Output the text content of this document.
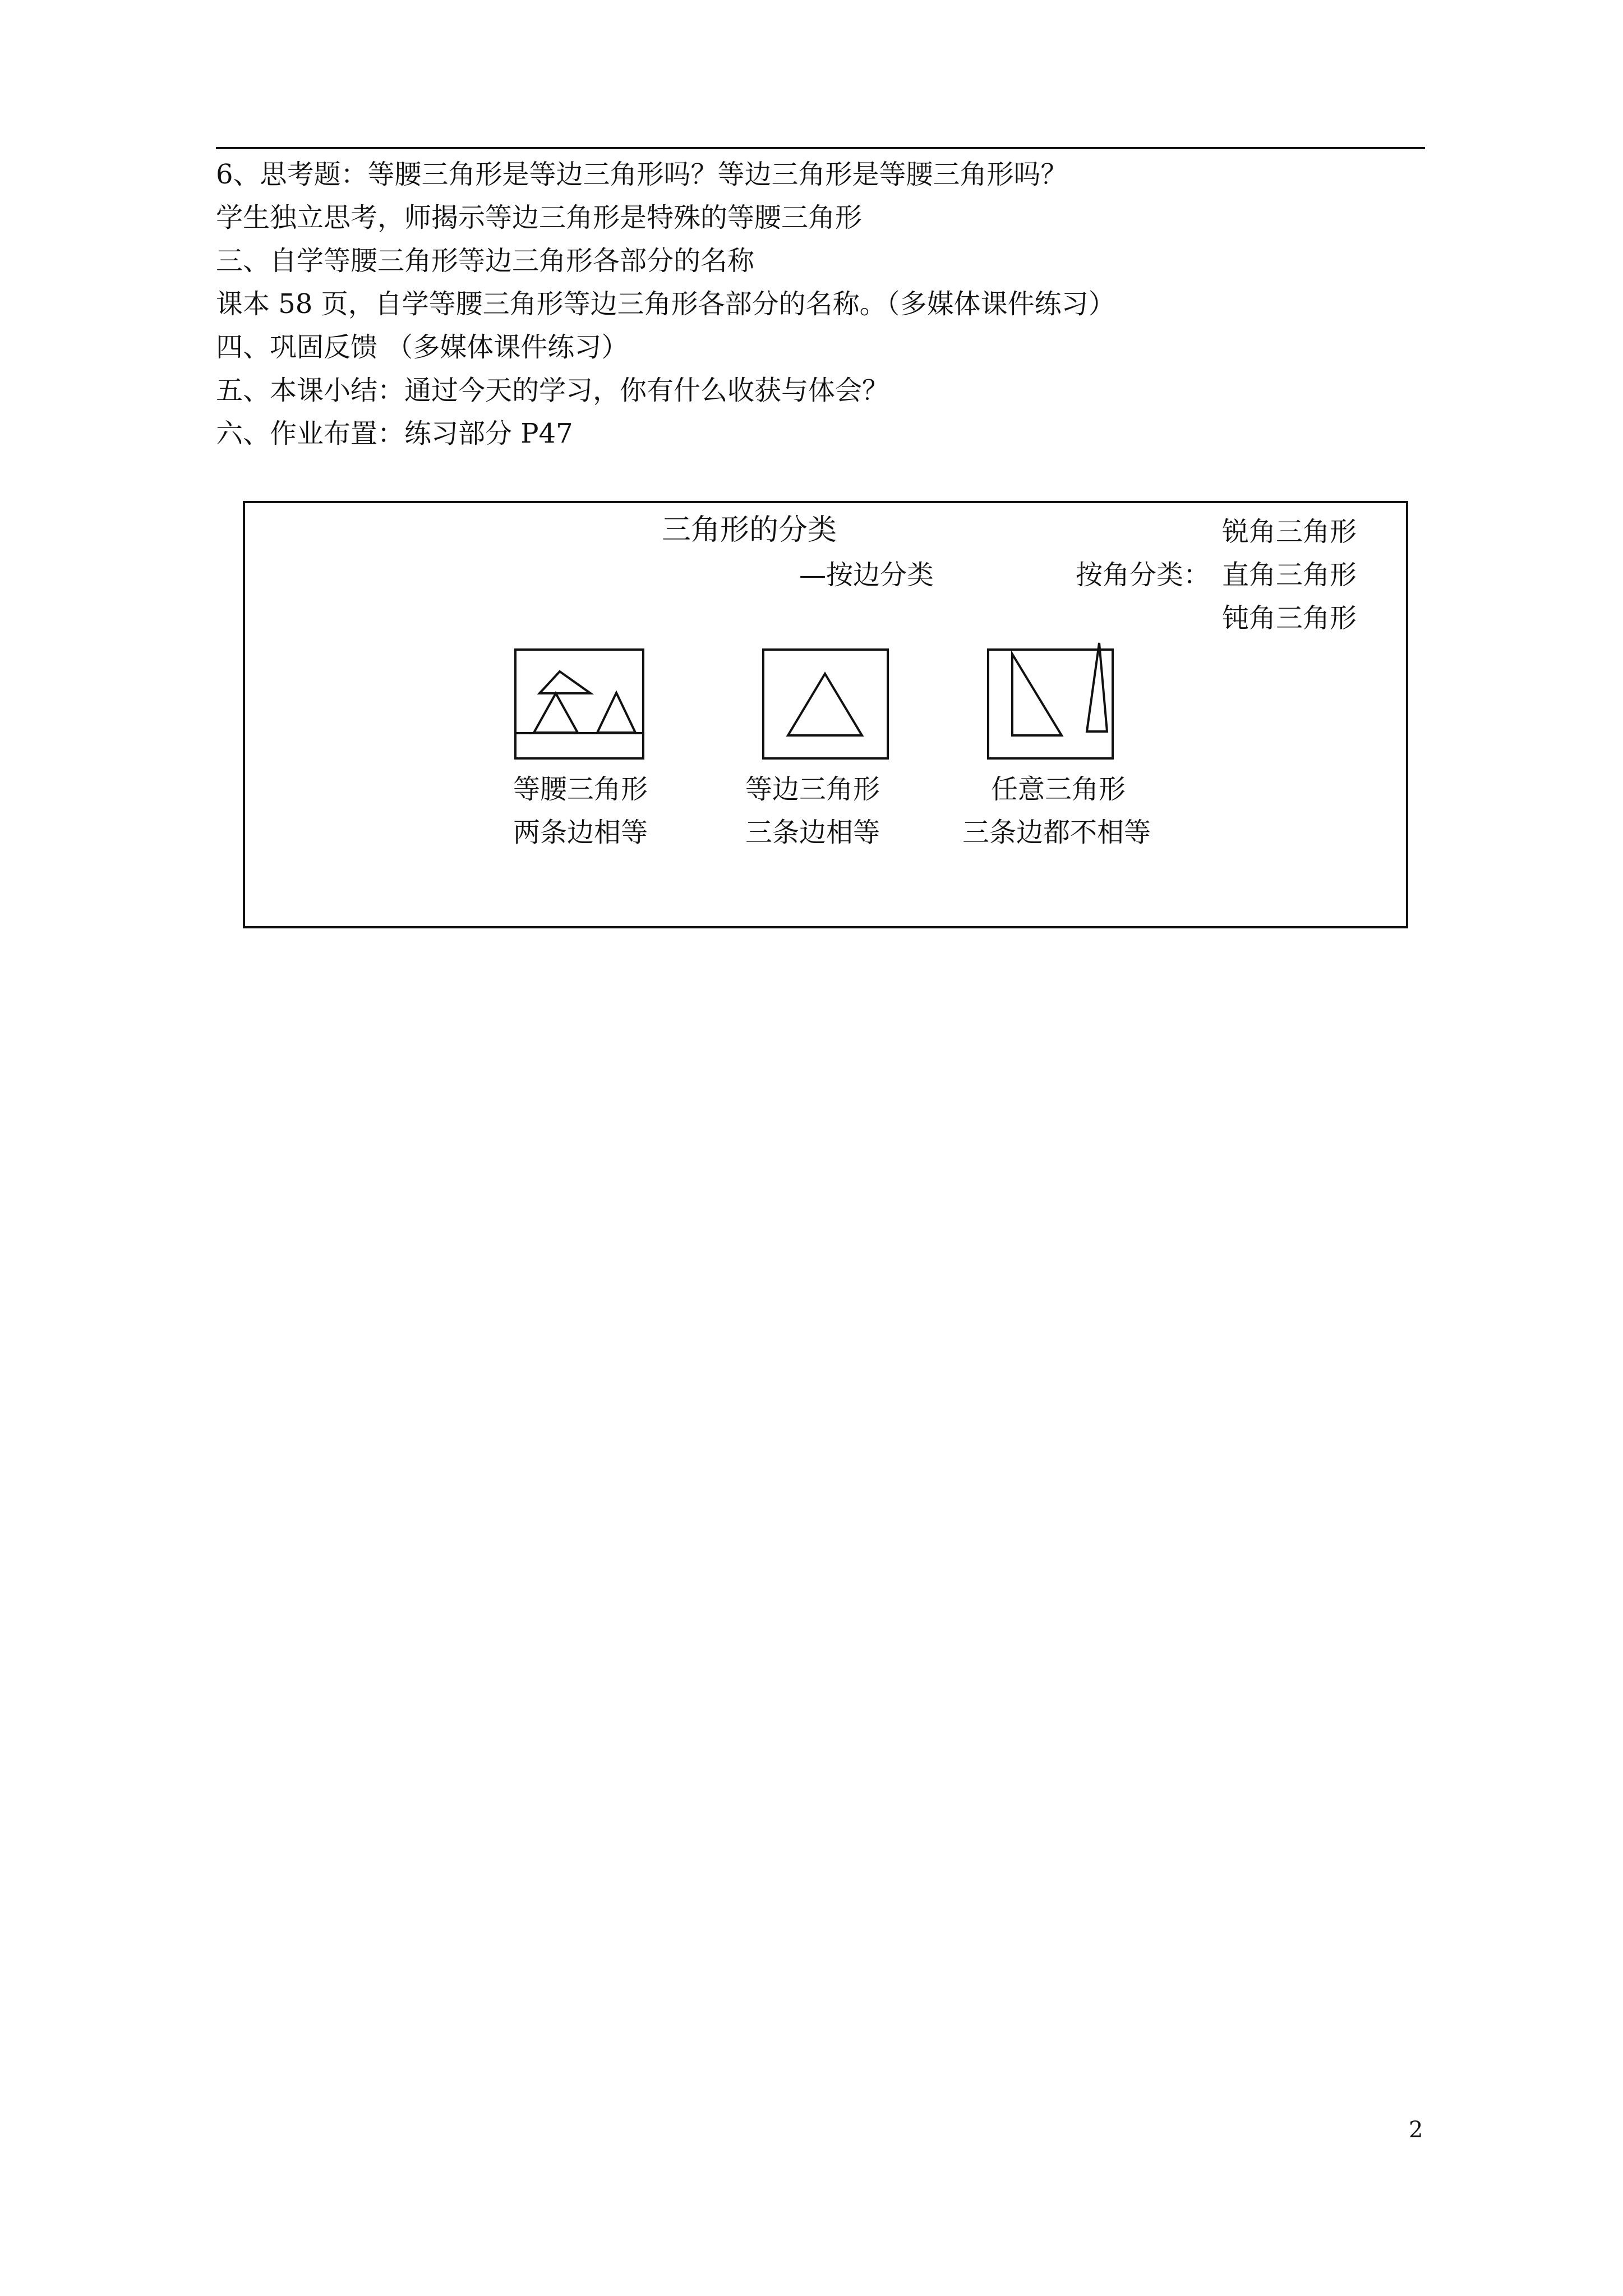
6、思考题：等腰三角形是等边三角形吗？等边三角形是等腰三角形吗？
学生独立思考，师揭示等边三角形是特殊的等腰三角形
三、自学等腰三角形等边三角形各部分的名称
课本 58 页，自学等腰三角形等边三角形各部分的名称。（多媒体课件练习）
四、巩固反馈 （多媒体课件练习）
五、本课小结：通过今天的学习，你有什么收获与体会？
六、作业布置：练习部分 P47
三角形的分类
—按边分类	按角分类：
锐角三角形
直角三角形
钝角三角形
等腰三角形
两条边相等
等边三角形
三条边相等
任意三角形
三条边都不相等
2
